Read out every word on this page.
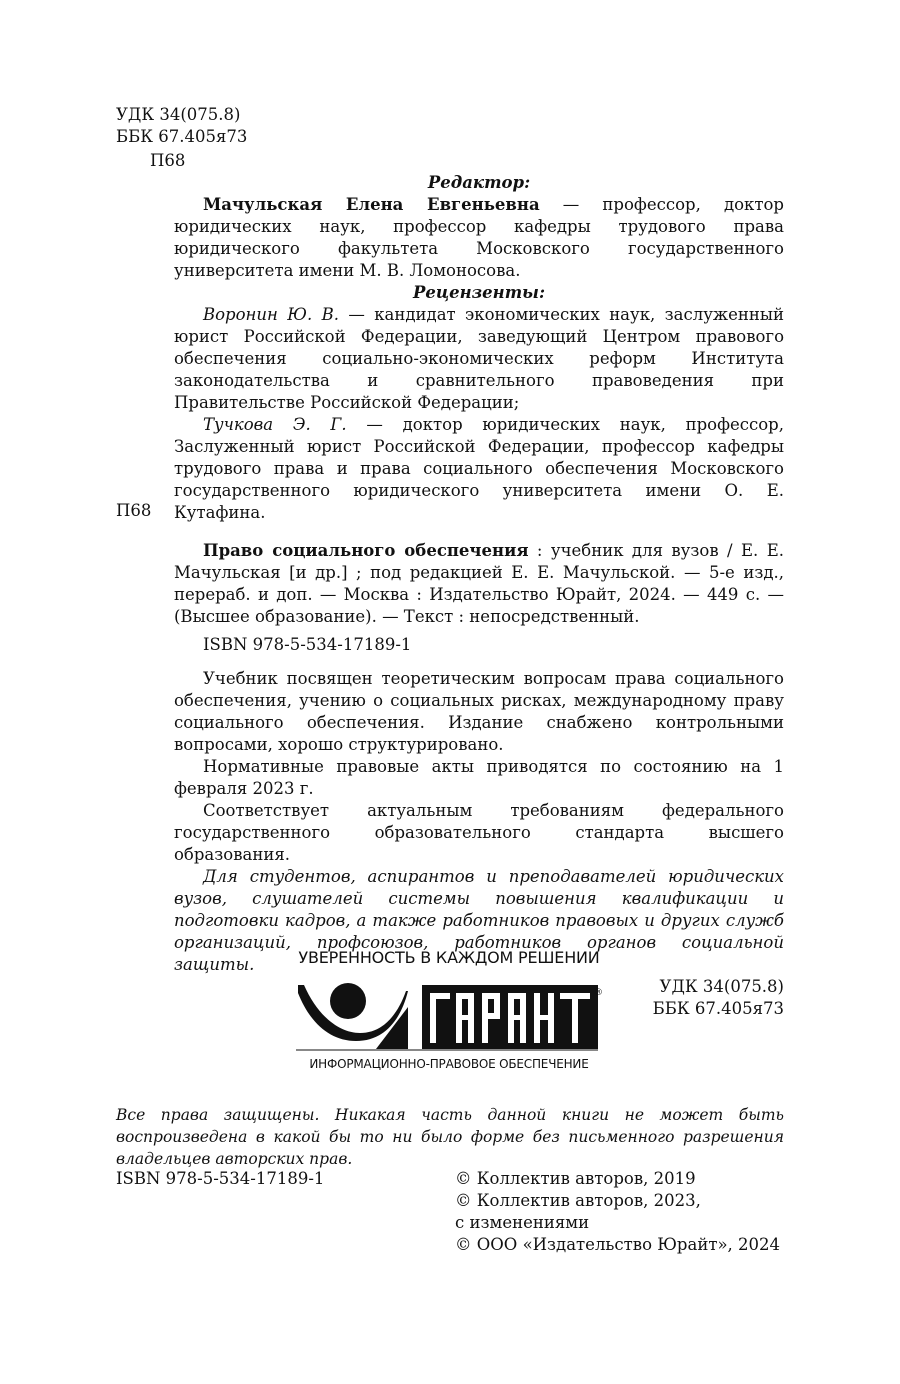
УДК 34(075.8)

ББК 67.405я73

П68

Редактор:

Мачульская Елена Евгеньевна — профессор, доктор юридических наук, профессор кафедры трудового права юридического факультета Московского государственного университета имени М. В. Ломоносова.

Рецензенты:

Воронин Ю. В. — кандидат экономических наук, заслуженный юрист Российской Федерации, заведующий Центром правового обеспечения социально-экономических реформ Института законодательства и сравнительного правоведения при Правительстве Российской Федерации;

Тучкова Э. Г. — доктор юридических наук, профессор, Заслуженный юрист Российской Федерации, профессор кафедры трудового права и права социального обеспечения Московского государственного юридического университета имени О. Е. Кутафина.

Право социального обеспечения : учебник для вузов / Е. Е. Мачульская [и др.] ; под редакцией Е. Е. Мачульской. — 5-е изд., перераб. и доп. — Москва : Издательство Юрайт, 2024. — 449 с. — (Высшее образование). — Текст : непосредственный.

ISBN 978-5-534-17189-1

Учебник посвящен теоретическим вопросам права социального обеспечения, учению о социальных рисках, международному праву социального обеспечения. Издание снабжено контрольными вопросами, хорошо структурировано.

Нормативные правовые акты приводятся по состоянию на 1 февраля 2023 г.

Соответствует актуальным требованиям федерального государственного образовательного стандарта высшего образования.

Для студентов, аспирантов и преподавателей юридических вузов, слушателей системы повышения квалификации и подготовки кадров, а также работников правовых и других служб организаций, профсоюзов, работников органов социальной защиты.

УДК 34(075.8)

ББК 67.405я73

П68
УВЕРЕННОСТЬ В КАЖДОМ РЕШЕНИИ
®
ИНФОРМАЦИОННО-ПРАВОВОЕ ОБЕСПЕЧЕНИЕ
Все права защищены. Никакая часть данной книги не может быть воспроизведена в какой бы то ни было форме без письменного разрешения владельцев авторских прав.
ISBN 978-5-534-17189-1	© Коллектив авторов, 2019

© Коллектив авторов, 2023,

с изменениями

© ООО «Издательство Юрайт», 2024
